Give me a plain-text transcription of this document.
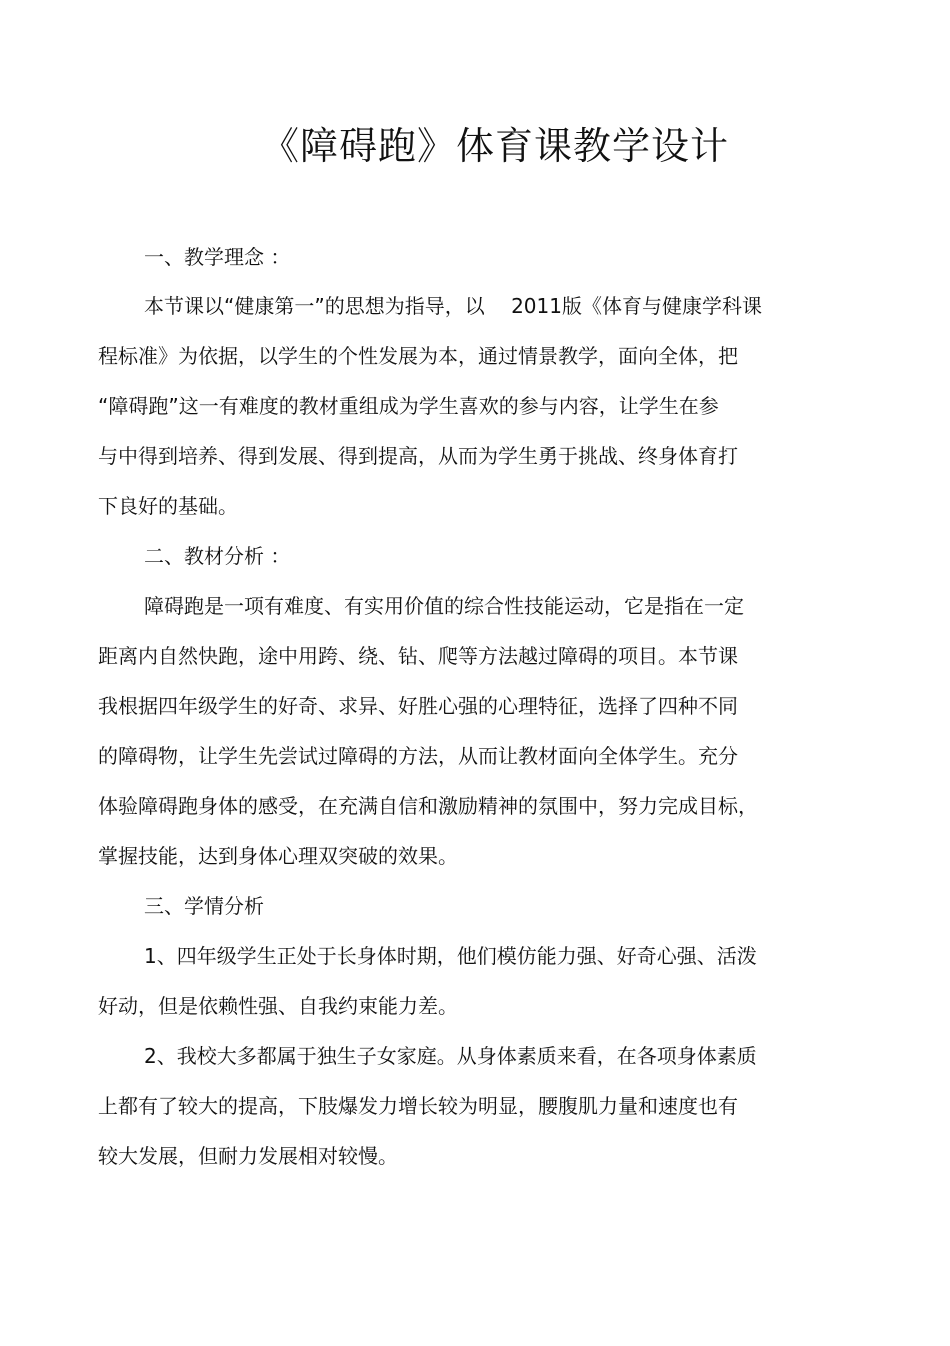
《障碍跑》体育课教学设计

一、教学理念 ：

本节课以“健康第一”的思想为指导，以　 2011版《体育与健康学科课

程标准》为依据，以学生的个性发展为本，通过情景教学，面向全体，把

“障碍跑”这一有难度的教材重组成为学生喜欢的参与内容，让学生在参

与中得到培养、得到发展、得到提高，从而为学生勇于挑战、终身体育打

下良好的基础。

二、教材分析 ：

障碍跑是一项有难度、有实用价值的综合性技能运动，它是指在一定

距离内自然快跑，途中用跨、绕、钻、爬等方法越过障碍的项目。本节课

我根据四年级学生的好奇、求异、好胜心强的心理特征，选择了四种不同

的障碍物，让学生先尝试过障碍的方法，从而让教材面向全体学生。充分

体验障碍跑身体的感受，在充满自信和激励精神的氛围中，努力完成目标，

掌握技能，达到身体心理双突破的效果。

三、学情分析

1、四年级学生正处于长身体时期，他们模仿能力强、好奇心强、活泼

好动，但是依赖性强、自我约束能力差。

2、我校大多都属于独生子女家庭。从身体素质来看，在各项身体素质

上都有了较大的提高，下肢爆发力增长较为明显，腰腹肌力量和速度也有

较大发展，但耐力发展相对较慢。
